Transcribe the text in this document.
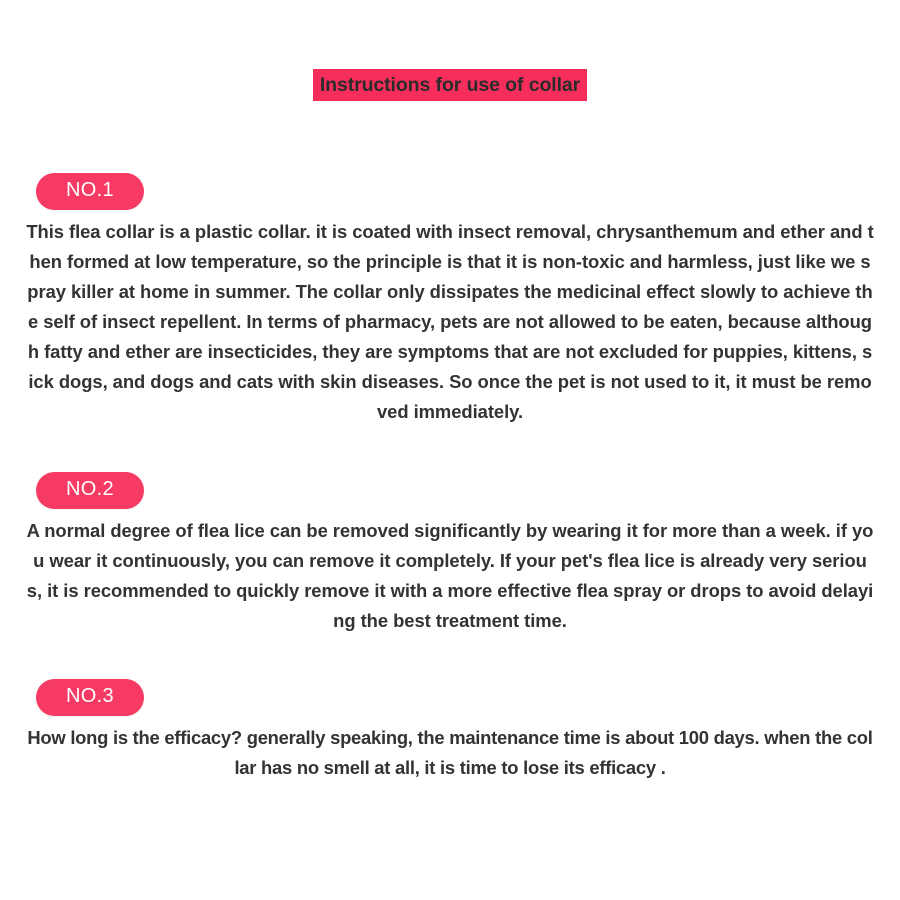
Instructions for use of collar
NO.1

This flea collar is a plastic collar. it is coated with insect removal, chrysanthemum and ether and then formed at low temperature, so the principle is that it is non-toxic and harmless, just like we spray killer at home in summer. The collar only dissipates the medicinal effect slowly to achieve the self of insect repellent. In terms of pharmacy, pets are not allowed to be eaten, because although fatty and ether are insecticides, they are symptoms that are not excluded for puppies, kittens, sick dogs, and dogs and cats with skin diseases. So once the pet is not used to it, it must be removed immediately.

NO.2

A normal degree of flea lice can be removed significantly by wearing it for more than a week. if you wear it continuously, you can remove it completely. If your pet's flea lice is already very serious, it is recommended to quickly remove it with a more effective flea spray or drops to avoid delaying the best treatment time.

NO.3

How long is the efficacy? generally speaking, the maintenance time is about 100 days. when the collar has no smell at all, it is time to lose its efficacy .
